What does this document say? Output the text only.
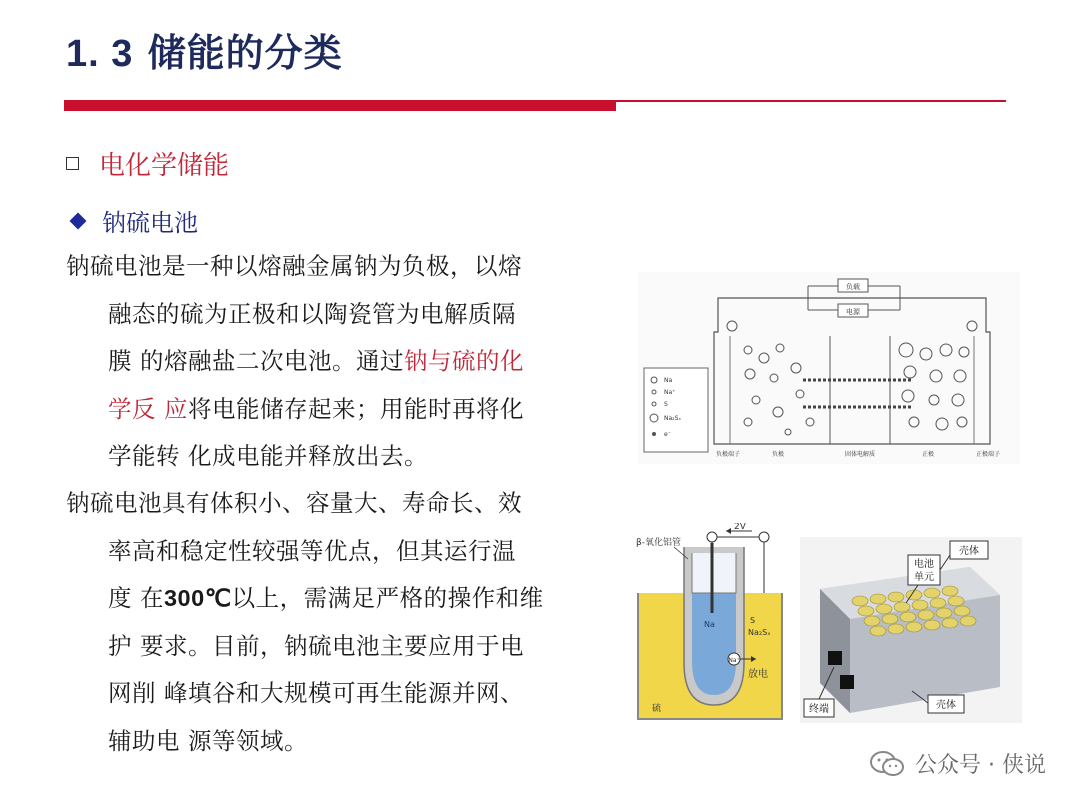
1. 3 储能的分类
电化学储能
钠硫电池
钠硫电池是一种以熔融金属钠为负极，以熔
融态的硫为正极和以陶瓷管为电解质隔
膜 的熔融盐二次电池。通过钠与硫的化
学反 应将电能储存起来；用能时再将化
学能转 化成电能并释放出去。
钠硫电池具有体积小、容量大、寿命长、效
率高和稳定性较强等优点，但其运行温
度 在300℃以上，需满足严格的操作和维
护 要求。目前，钠硫电池主要应用于电
网削 峰填谷和大规模可再生能源并网、
辅助电 源等领域。
负载
电源
Na
Na⁺
S
Na₂Sₓ
e⁻
负极端子	负极	固体电解质	正极	正极端子
2V
β-氧化铝管
Na	S
Na₂Sₓ
Na⁺
放电
硫
壳体
电池
单元
终端	壳体
公众号 · 侠说
